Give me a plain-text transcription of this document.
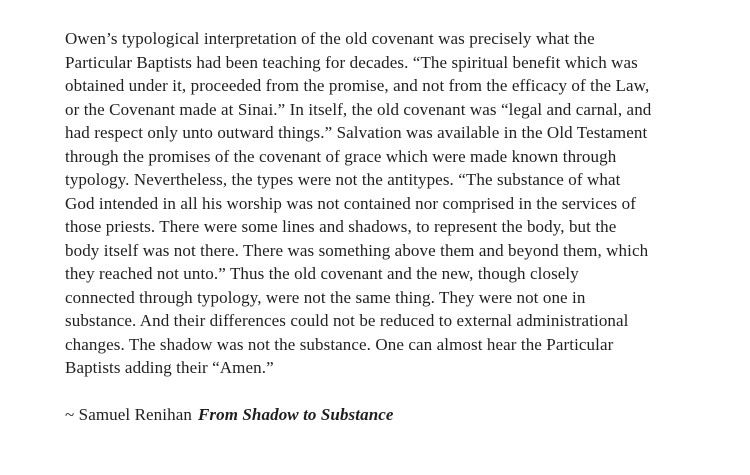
Owen’s typological interpretation of the old covenant was precisely what the
Particular Baptists had been teaching for decades. “The spiritual benefit which was
obtained under it, proceeded from the promise, and not from the efficacy of the Law,
or the Covenant made at Sinai.” In itself, the old covenant was “legal and carnal, and
had respect only unto outward things.” Salvation was available in the Old Testament
through the promises of the covenant of grace which were made known through
typology. Nevertheless, the types were not the antitypes. “The substance of what
God intended in all his worship was not contained nor comprised in the services of
those priests. There were some lines and shadows, to represent the body, but the
body itself was not there. There was something above them and beyond them, which
they reached not unto.” Thus the old covenant and the new, though closely
connected through typology, were not the same thing. They were not one in
substance. And their differences could not be reduced to external administrational
changes. The shadow was not the substance. One can almost hear the Particular
Baptists adding their “Amen.”
~ Samuel Renihan From Shadow to Substance
